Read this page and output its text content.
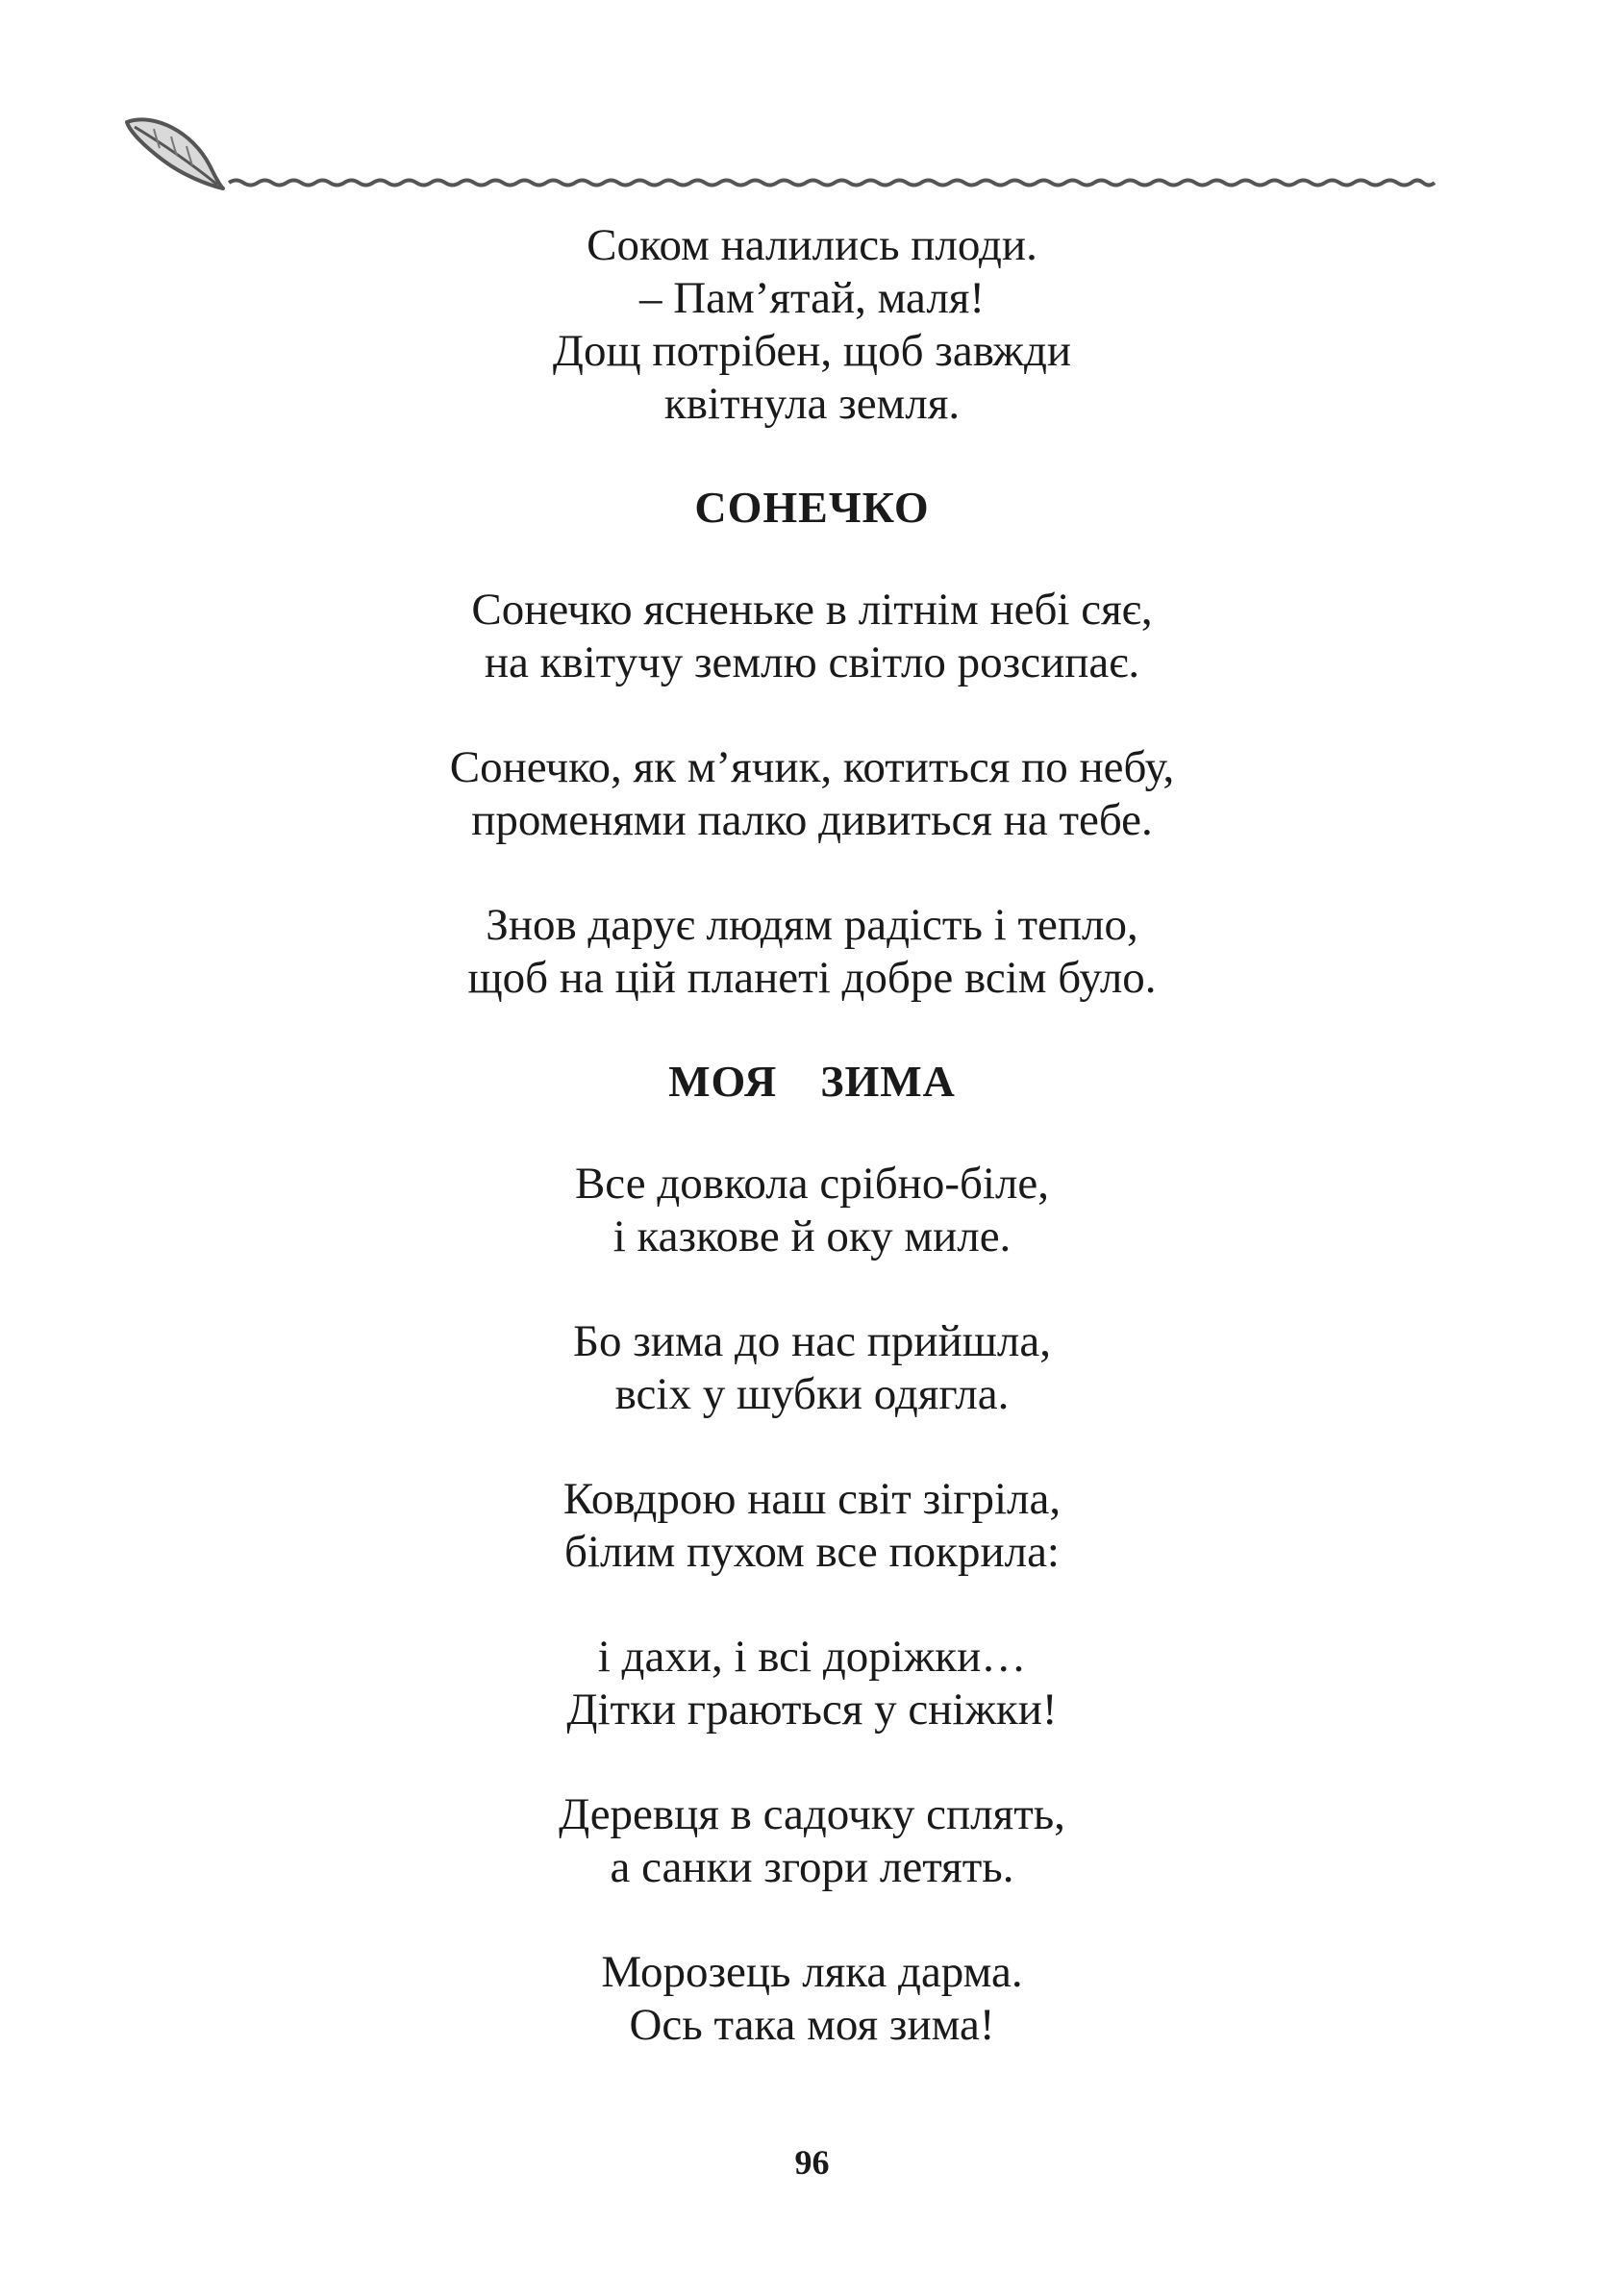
Соком налились плоди.
– Пам’ятай, маля!
Дощ потрібен, щоб завжди
квітнула земля.
СОНЕЧКО
Сонечко ясненьке в літнім небі сяє,
на квітучу землю світло розсипає.
Сонечко, як м’ячик, котиться по небу,
променями палко дивиться на тебе.
Знов дарує людям радість і тепло,
щоб на цій планеті добре всім було.
МОЯ  ЗИМА
Все довкола срібно-біле,
і казкове й оку миле.
Бо зима до нас прийшла,
всіх у шубки одягла.
Ковдрою наш світ зігріла,
білим пухом все покрила:
і дахи, і всі доріжки…
Дітки граються у сніжки!
Деревця в садочку сплять,
а санки згори летять.
Морозець ляка дарма.
Ось така моя зима!
96
